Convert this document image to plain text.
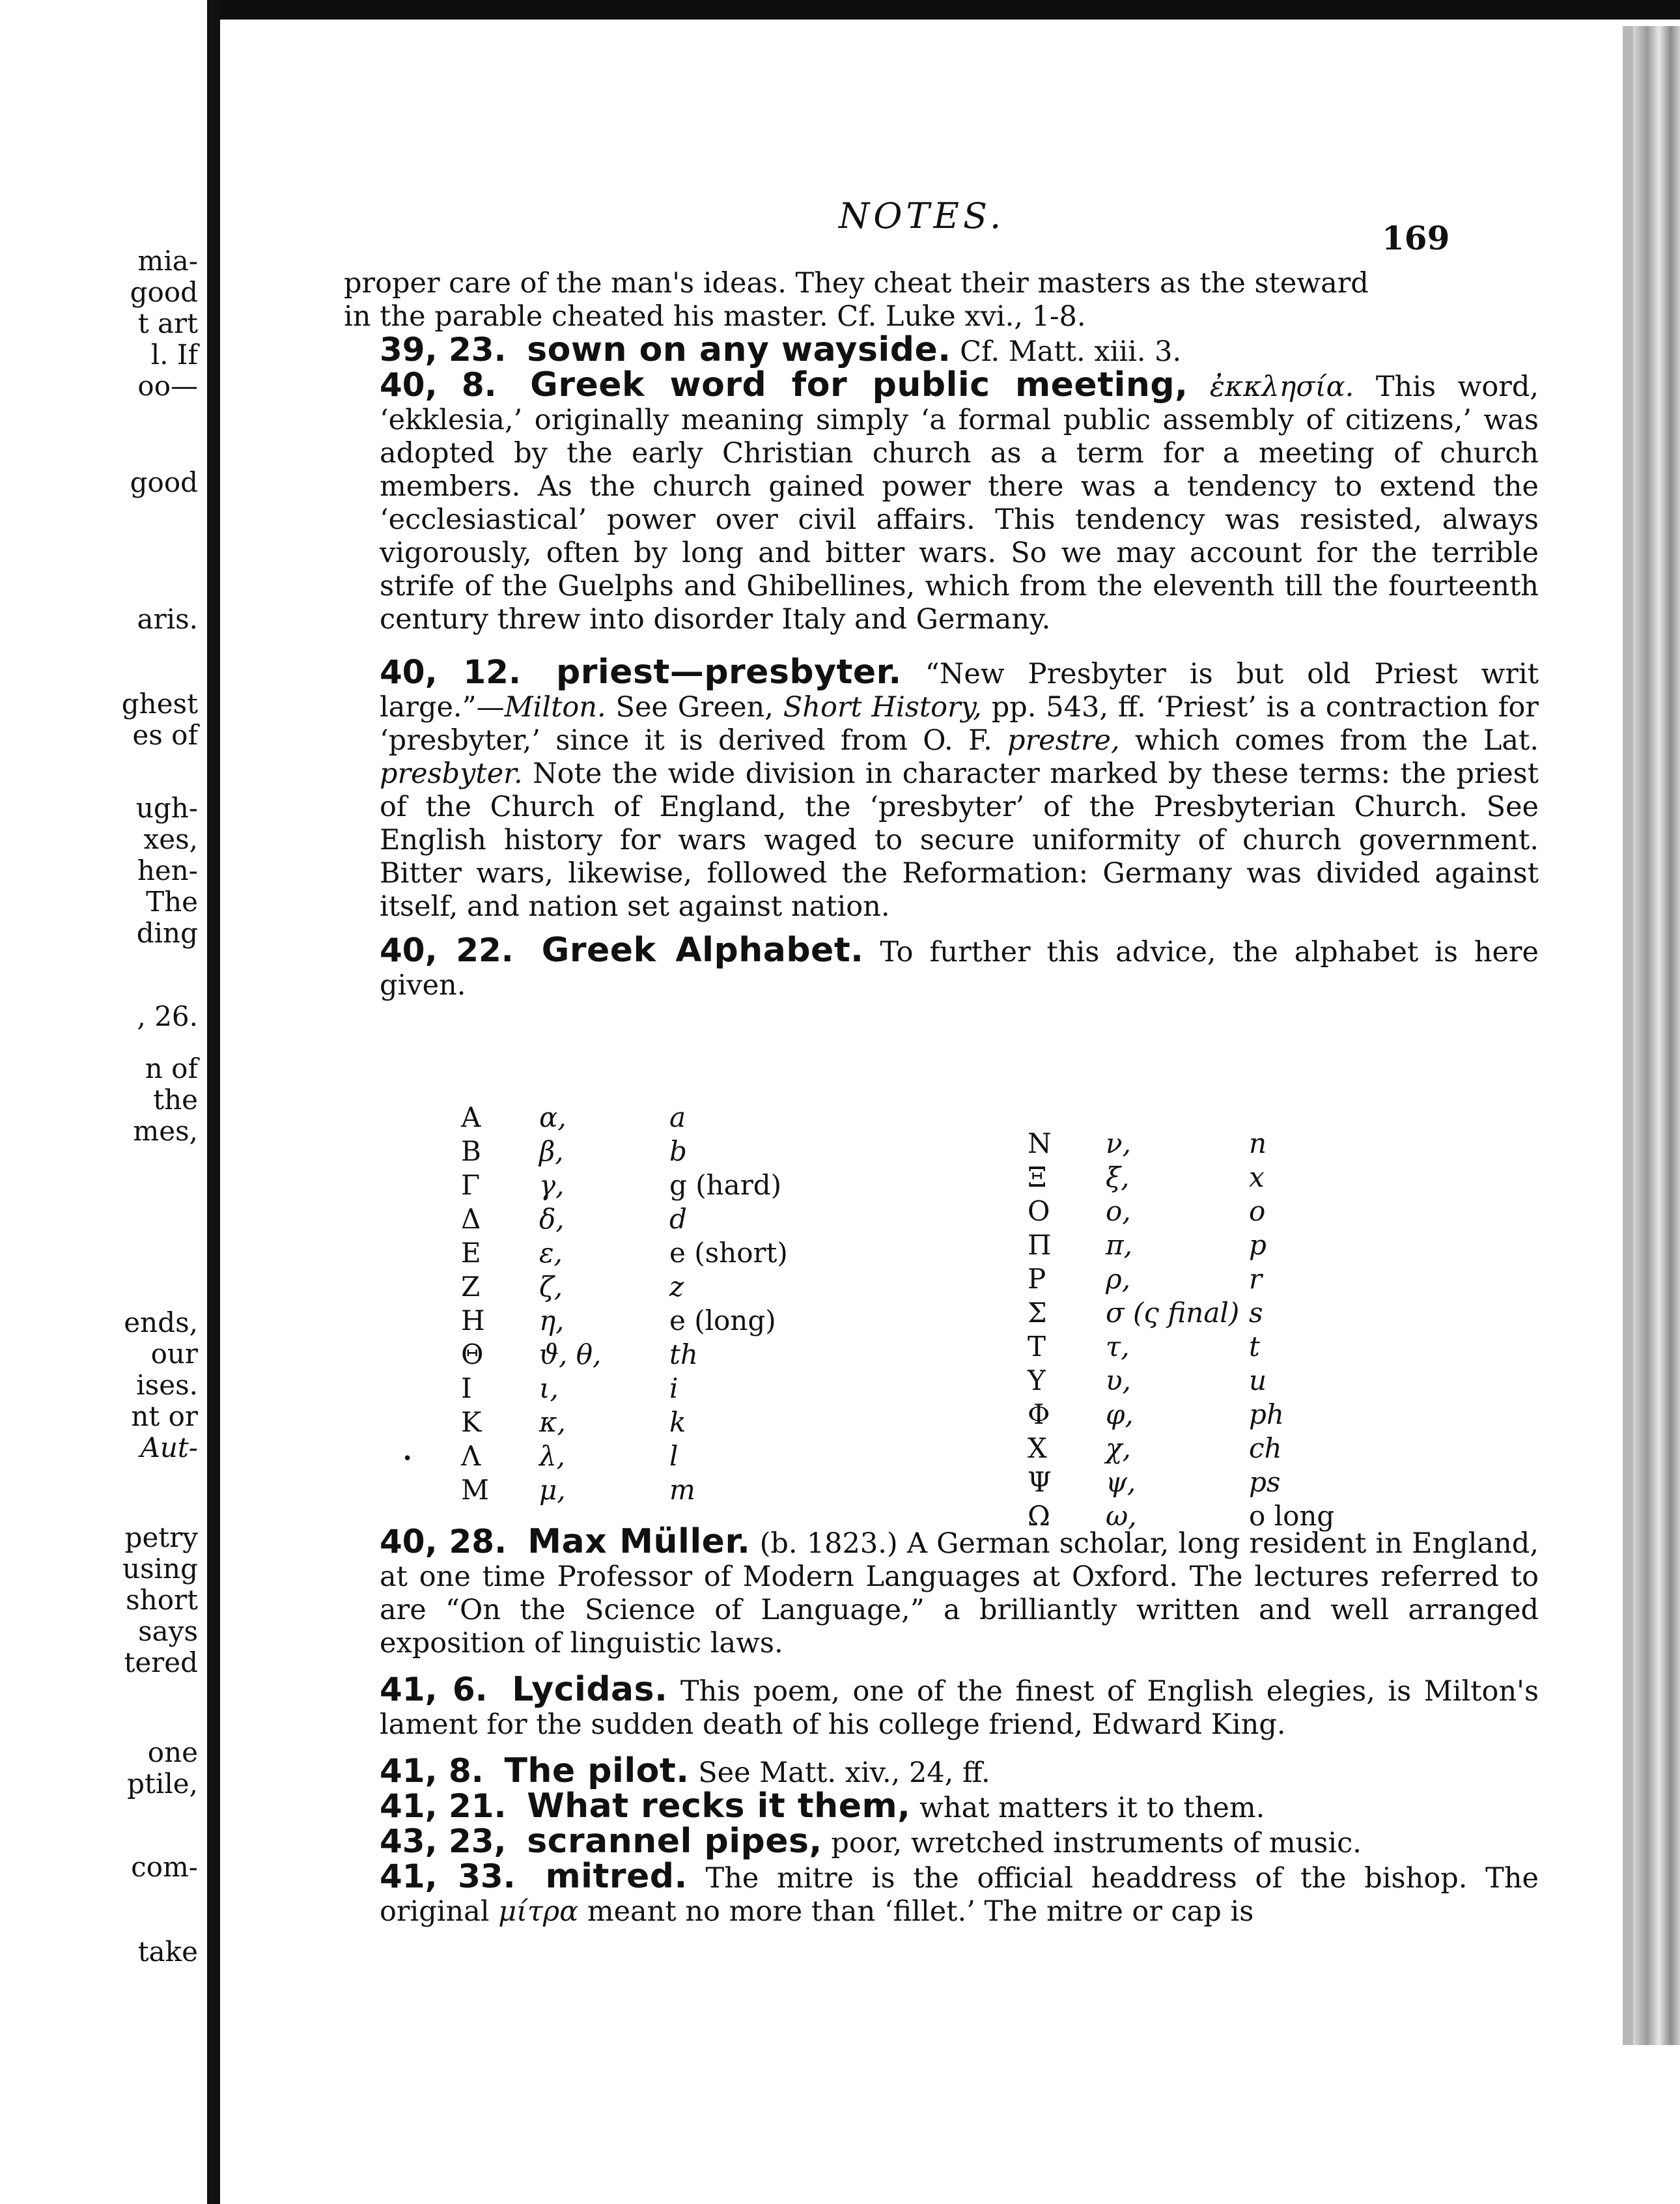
mia-
good
t art
l. If
oo—
good
aris.
ghest
es of
ugh-
xes,
hen-
The
ding
, 26.
n of
the
mes,
ends,
our
ises.
nt or
Aut-
petry
using
short
says
tered
one
ptile,
com-
take
NOTES.
169

proper care of the man's ideas. They cheat their masters as the steward

in the parable cheated his master. Cf. Luke xvi., 1-8.

39, 23. sown on any wayside. Cf. Matt. xiii. 3.

40, 8. Greek word for public meeting, ἐκκλησία. This word, ‘ekklesia,’ originally meaning simply ‘a formal public assembly of citizens,’ was adopted by the early Christian church as a term for a meeting of church members. As the church gained power there was a tendency to extend the ‘ecclesiastical’ power over civil affairs. This tendency was resisted, always vigorously, often by long and bitter wars. So we may account for the terrible strife of the Guelphs and Ghibellines, which from the eleventh till the fourteenth century threw into disorder Italy and Germany.

40, 12. priest—presbyter. “New Presbyter is but old Priest writ large.”—Milton. See Green, Short History, pp. 543, ff. ‘Priest’ is a contraction for ‘presbyter,’ since it is derived from O. F. prestre, which comes from the Lat. presbyter. Note the wide division in character marked by these terms: the priest of the Church of England, the ‘presbyter’ of the Presbyterian Church. See English history for wars waged to secure uniformity of church government. Bitter wars, likewise, followed the Reformation: Germany was divided against itself, and nation set against nation.

40, 22. Greek Alphabet. To further this advice, the alphabet is here given.

•
Α	α,	a
Β	β,	b
Γ	γ,	g (hard)
Δ	δ,	d
Ε	ε,	e (short)
Ζ	ζ,	z
Η	η,	e (long)
Θ	ϑ, θ,	th
Ι	ι,	i
Κ	κ,	k
Λ	λ,	l
Μ	μ,	m
Ν	ν,	n
Ξ	ξ,	x
Ο	ο,	o
Π	π,	p
Ρ	ρ,	r
Σ	σ (ς final) s
Τ	τ,	t
Υ	υ,	u
Φ	φ,	ph
Χ	χ,	ch
Ψ	ψ,	ps
Ω	ω,	o long

40, 28. Max Müller. (b. 1823.) A German scholar, long resident in England, at one time Professor of Modern Languages at Oxford. The lectures referred to are “On the Science of Language,” a brilliantly written and well arranged exposition of linguistic laws.

41, 6. Lycidas. This poem, one of the finest of English elegies, is Milton's lament for the sudden death of his college friend, Edward King.

41, 8. The pilot. See Matt. xiv., 24, ff.

41, 21. What recks it them, what matters it to them.

43, 23, scrannel pipes, poor, wretched instruments of music.

41, 33. mitred. The mitre is the official headdress of the bishop. The original μίτρα meant no more than ‘fillet.’ The mitre or cap is
